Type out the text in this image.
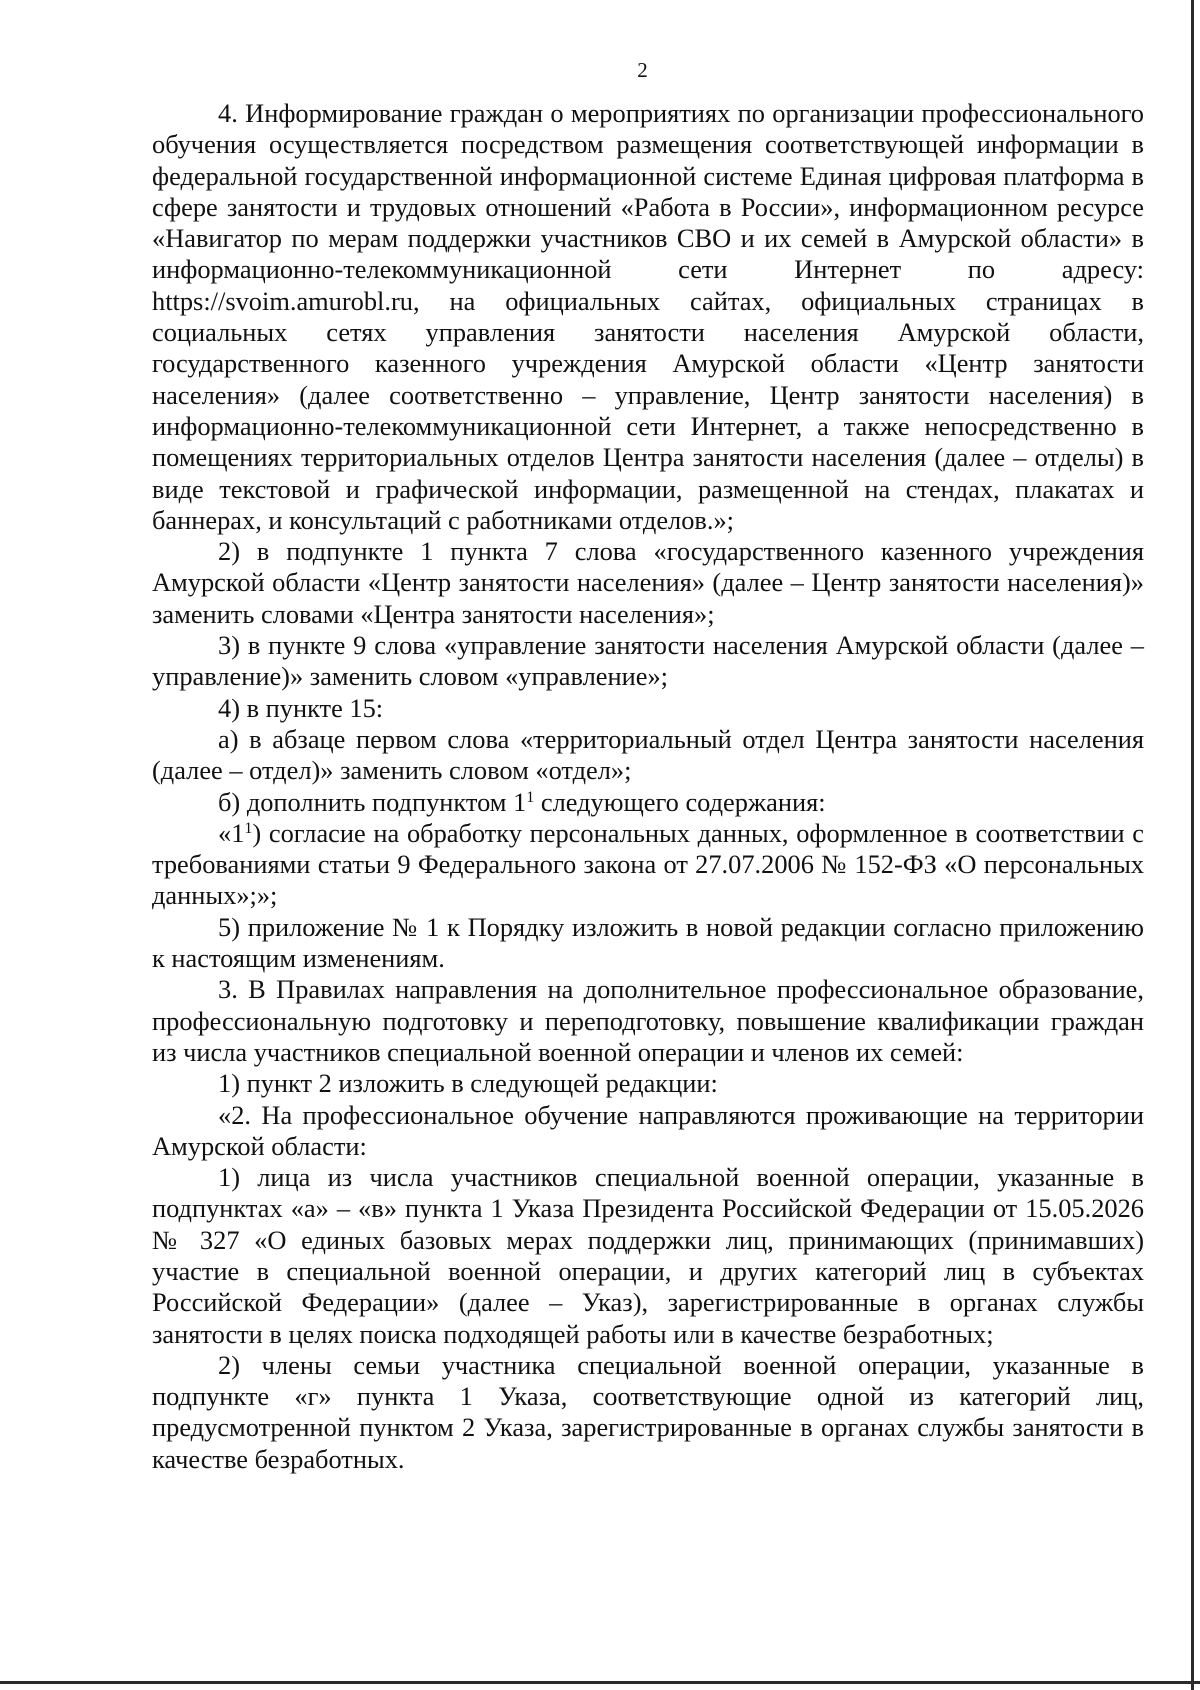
2

4. Информирование граждан о мероприятиях по организации профессионального обучения осуществляется посредством размещения соответствующей информации в федеральной государственной информационной системе Единая цифровая платформа в сфере занятости и трудовых отношений «Работа в России», информационном ресурсе «Навигатор по мерам поддержки участников СВО и их семей в Амурской области» в информационно-телекоммуникационной сети Интернет по адресу: https://svoim.amurobl.ru, на официальных сайтах, официальных страницах в социальных сетях управления занятости населения Амурской области, государственного казенного учреждения Амурской области «Центр занятости населения» (далее соответственно – управление, Центр занятости населения) в информационно-телекоммуникационной сети Интернет, а также непосредственно в помещениях территориальных отделов Центра занятости населения (далее – отделы) в виде текстовой и графической информации, размещенной на стендах, плакатах и баннерах, и консультаций с работниками отделов.»;

2) в подпункте 1 пункта 7 слова «государственного казенного учреждения Амурской области «Центр занятости населения» (далее – Центр занятости населения)» заменить словами «Центра занятости населения»;

3) в пункте 9 слова «управление занятости населения Амурской области (далее – управление)» заменить словом «управление»;

4) в пункте 15:

а) в абзаце первом слова «территориальный отдел Центра занятости населения (далее – отдел)» заменить словом «отдел»;

б) дополнить подпунктом $1^1$ следующего содержания:

«$1^1$) согласие на обработку персональных данных, оформленное в соответствии с требованиями статьи 9 Федерального закона от 27.07.2006 № 152-ФЗ «О персональных данных»;»;

5) приложение № 1 к Порядку изложить в новой редакции согласно приложению к настоящим изменениям.

3. В Правилах направления на дополнительное профессиональное образование, профессиональную подготовку и переподготовку, повышение квалификации граждан из числа участников специальной военной операции и членов их семей:

1) пункт 2 изложить в следующей редакции:

«2. На профессиональное обучение направляются проживающие на территории Амурской области:

1) лица из числа участников специальной военной операции, указанные в подпунктах «а» – «в» пункта 1 Указа Президента Российской Федерации от 15.05.2026 № 327 «О единых базовых мерах поддержки лиц, принимающих (принимавших) участие в специальной военной операции, и других категорий лиц в субъектах Российской Федерации» (далее – Указ), зарегистрированные в органах службы занятости в целях поиска подходящей работы или в качестве безработных;

2) члены семьи участника специальной военной операции, указанные в подпункте «г» пункта 1 Указа, соответствующие одной из категорий лиц, предусмотренной пунктом 2 Указа, зарегистрированные в органах службы занятости в качестве безработных.
